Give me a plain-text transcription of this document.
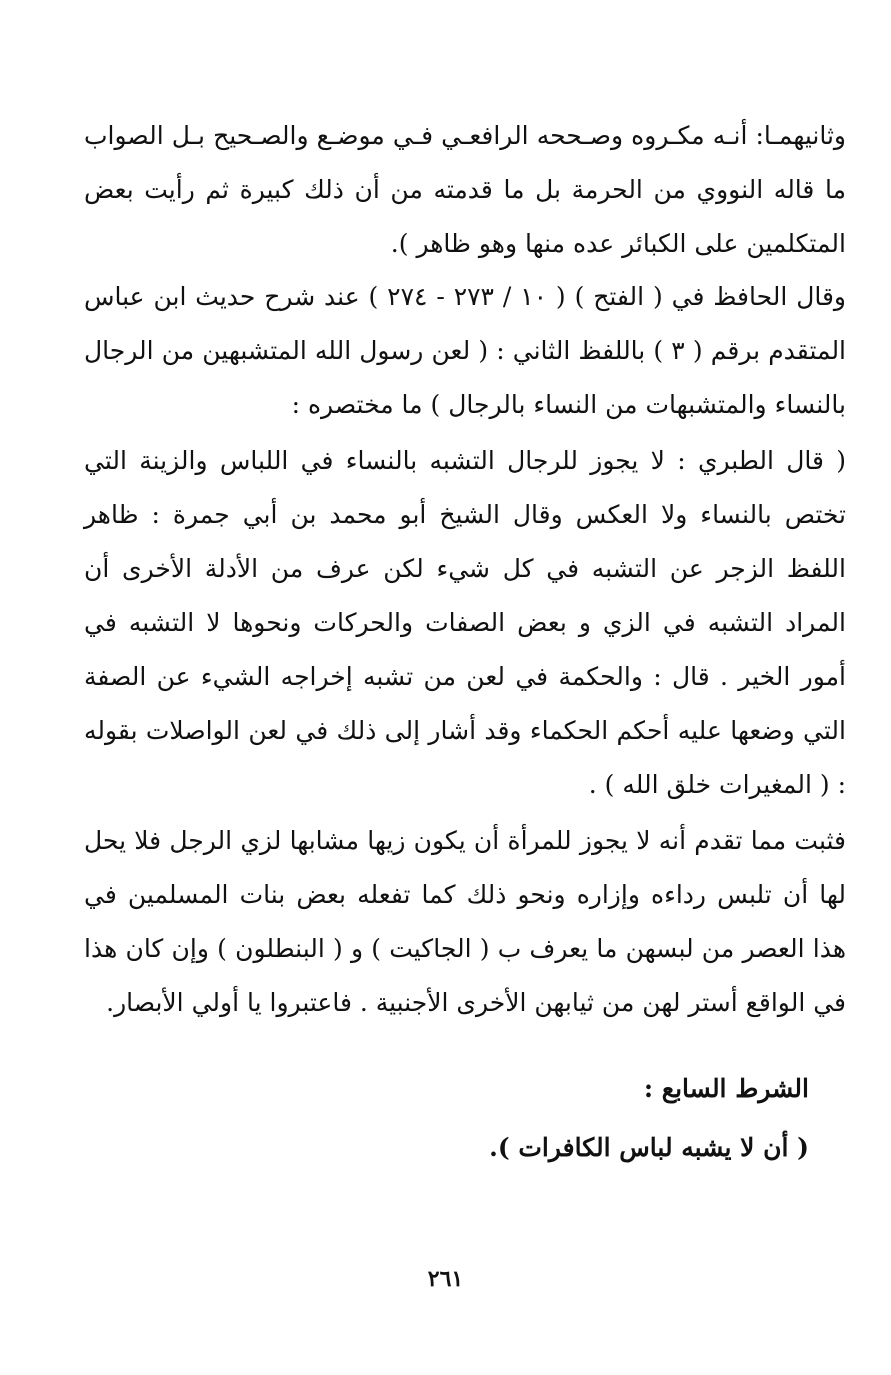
وثانيهمـا: أنـه مكـروه وصـححه الرافعـي فـي موضـع والصـحيح بـل الصواب ما قاله النووي من الحرمة بل ما قدمته من أن ذلك كبيرة ثم رأيت بعض المتكلمين على الكبائر عده منها وهو ظاهر ).

وقال الحافظ في ( الفتح ) ( ١٠ / ٢٧٣ - ٢٧٤ ) عند شرح حديث ابن عباس المتقدم برقم ( ٣ ) باللفظ الثاني : ( لعن رسول الله المتشبهين من الرجال بالنساء والمتشبهات من النساء بالرجال ) ما مختصره :

( قال الطبري : لا يجوز للرجال التشبه بالنساء في اللباس والزينة التي تختص بالنساء ولا العكس وقال الشيخ أبو محمد بن أبي جمرة : ظاهر اللفظ الزجر عن التشبه في كل شيء لكن عرف من الأدلة الأخرى أن المراد التشبه في الزي و بعض الصفات والحركات ونحوها لا التشبه في أمور الخير . قال : والحكمة في لعن من تشبه إخراجه الشيء عن الصفة التي وضعها عليه أحكم الحكماء وقد أشار إلى ذلك في لعن الواصلات بقوله : ( المغيرات خلق الله ) .

فثبت مما تقدم أنه لا يجوز للمرأة أن يكون زيها مشابها لزي الرجل فلا يحل لها أن تلبس رداءه وإزاره ونحو ذلك كما تفعله بعض بنات المسلمين في هذا العصر من لبسهن ما يعرف ب ( الجاكيت ) و ( البنطلون ) وإن كان هذا في الواقع أستر لهن من ثيابهن الأخرى الأجنبية . فاعتبروا يا أولي الأبصار.

الشرط السابع :
( أن لا يشبه لباس الكافرات ).
٢٦١
